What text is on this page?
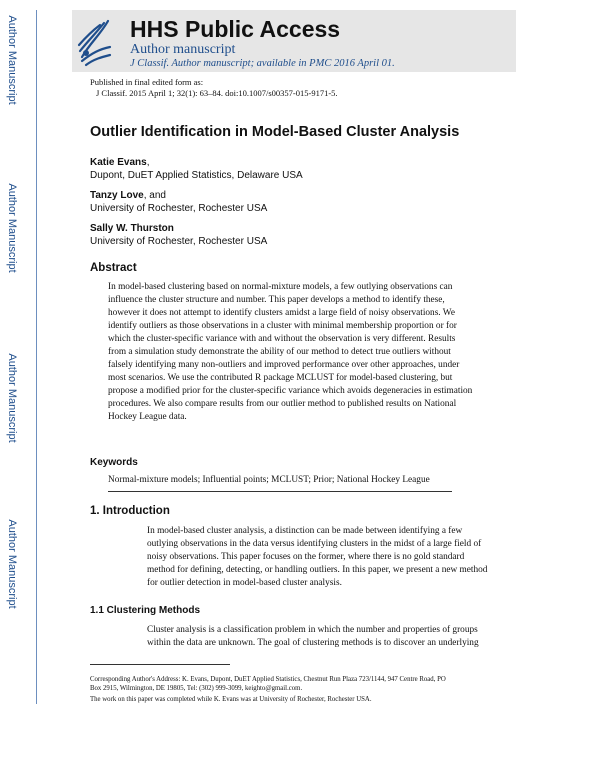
Author Manuscript
Author Manuscript
Author Manuscript
Author Manuscript
HHS Public Access
Author manuscript
J Classif. Author manuscript; available in PMC 2016 April 01.
Published in final edited form as:
J Classif. 2015 April 1; 32(1): 63–84. doi:10.1007/s00357-015-9171-5.
Outlier Identification in Model-Based Cluster Analysis
Katie Evans,
Dupont, DuET Applied Statistics, Delaware USA
Tanzy Love, and
University of Rochester, Rochester USA
Sally W. Thurston
University of Rochester, Rochester USA
Abstract
In model-based clustering based on normal-mixture models, a few outlying observations can
influence the cluster structure and number. This paper develops a method to identify these,
however it does not attempt to identify clusters amidst a large field of noisy observations. We
identify outliers as those observations in a cluster with minimal membership proportion or for
which the cluster-specific variance with and without the observation is very different. Results
from a simulation study demonstrate the ability of our method to detect true outliers without
falsely identifying many non-outliers and improved performance over other approaches, under
most scenarios. We use the contributed R package MCLUST for model-based clustering, but
propose a modified prior for the cluster-specific variance which avoids degeneracies in estimation
procedures. We also compare results from our outlier method to published results on National
Hockey League data.
Keywords
Normal-mixture models; Influential points; MCLUST; Prior; National Hockey League
1. Introduction
In model-based cluster analysis, a distinction can be made between identifying a few
outlying observations in the data versus identifying clusters in the midst of a large field of
noisy observations. This paper focuses on the former, where there is no gold standard
method for defining, detecting, or handling outliers. In this paper, we present a new method
for outlier detection in model-based cluster analysis.
1.1 Clustering Methods
Cluster analysis is a classification problem in which the number and properties of groups
within the data are unknown. The goal of clustering methods is to discover an underlying
Corresponding Author's Address: K. Evans, Dupont, DuET Applied Statistics, Chestnut Run Plaza 723/1144, 947 Centre Road, PO
Box 2915, Wilmington, DE 19805, Tel: (302) 999-3099, keighto@gmail.com.
The work on this paper was completed while K. Evans was at University of Rochester, Rochester USA.
